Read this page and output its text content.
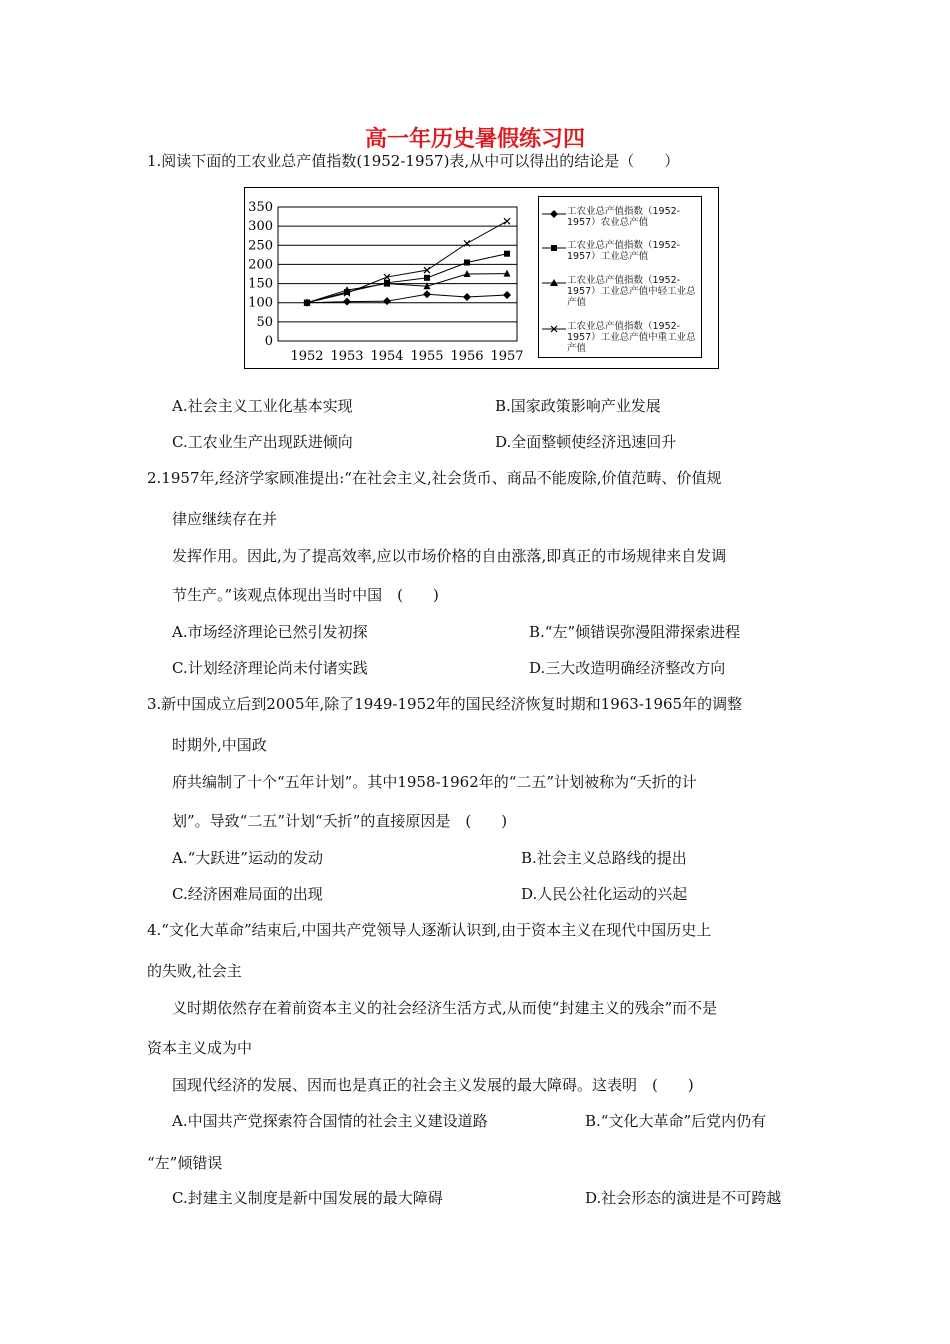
高一年历史暑假练习四
1.阅读下面的工农业总产值指数(1952-1957)表,从中可以得出的结论是（　　）
350
300
250
200
150
100
50
0
1952 1953 1954 1955 1956 1957
工农业总产值指数（1952-1957）农业总产值
工农业总产值指数（1952-1957）工业总产值
工农业总产值指数（1952-1957）工业总产值中轻工业总产值
工农业总产值指数（1952-1957）工业总产值中重工业总产值
A.社会主义工业化基本实现	B.国家政策影响产业发展
C.工农业生产出现跃进倾向	D.全面整顿使经济迅速回升
2.1957年,经济学家顾准提出:“在社会主义,社会货币、商品不能废除,价值范畴、价值规
律应继续存在并
发挥作用。因此,为了提高效率,应以市场价格的自由涨落,即真正的市场规律来自发调
节生产。”该观点体现出当时中国　(　　)
A.市场经济理论已然引发初探	B.“左”倾错误弥漫阻滞探索进程
C.计划经济理论尚未付诸实践	D.三大改造明确经济整改方向
3.新中国成立后到2005年,除了1949-1952年的国民经济恢复时期和1963-1965年的调整
时期外,中国政
府共编制了十个“五年计划”。其中1958-1962年的“二五”计划被称为“夭折的计
划”。导致“二五”计划“夭折”的直接原因是　(　　)
A.“大跃进”运动的发动	B.社会主义总路线的提出
C.经济困难局面的出现	D.人民公社化运动的兴起
4.“文化大革命”结束后,中国共产党领导人逐渐认识到,由于资本主义在现代中国历史上
的失败,社会主
义时期依然存在着前资本主义的社会经济生活方式,从而使“封建主义的残余”而不是
资本主义成为中
国现代经济的发展、因而也是真正的社会主义发展的最大障碍。这表明　(　　)
A.中国共产党探索符合国情的社会主义建设道路	B.“文化大革命”后党内仍有
“左”倾错误
C.封建主义制度是新中国发展的最大障碍	D.社会形态的演进是不可跨越
